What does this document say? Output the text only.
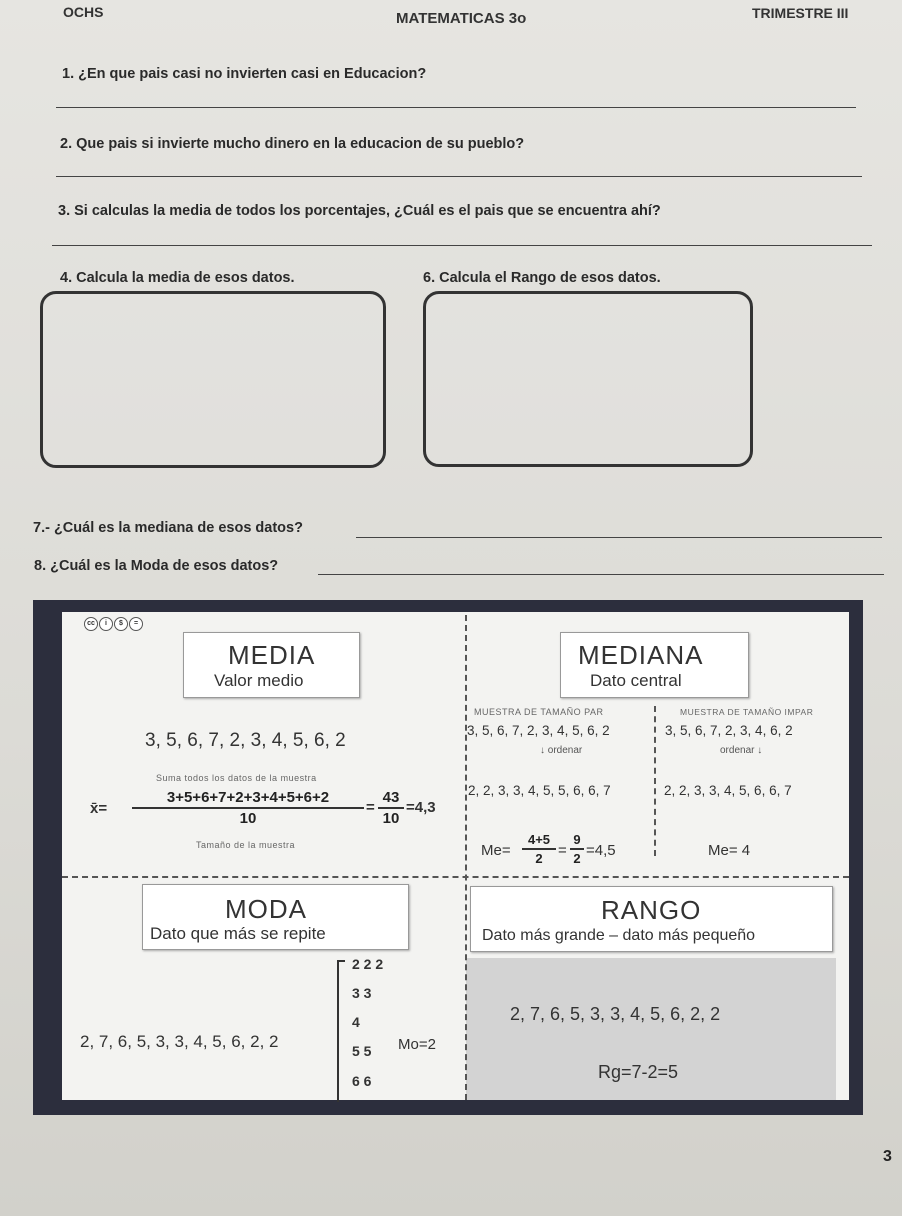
OCHS	MATEMATICAS 3o	TRIMESTRE III
1. ¿En que pais casi no invierten casi en Educacion?
2. Que pais si invierte mucho dinero en la educacion de su pueblo?
3. Si calculas la media de todos los porcentajes, ¿Cuál es el pais que se encuentra ahí?
4. Calcula la media de esos datos.	6. Calcula el Rango de esos datos.
7.- ¿Cuál es la mediana de esos datos?
8. ¿Cuál es la Moda de esos datos?
cc	i	$	=
MEDIA
Valor medio
3, 5, 6, 7, 2, 3, 4, 5, 6, 2
Suma todos los datos de la muestra
x̄=
3+5+6+7+2+3+4+5+6+2
10
=
43
10
=4,3
Tamaño de la muestra
MEDIANA
Dato central
MUESTRA DE TAMAÑO PAR	MUESTRA DE TAMAÑO IMPAR
3, 5, 6, 7, 2, 3, 4, 5, 6, 2	3, 5, 6, 7, 2, 3, 4, 6, 2
↓ ordenar	ordenar ↓
2, 2, 3, 3, 4, 5, 5, 6, 6, 7	2, 2, 3, 3, 4, 5, 6, 6, 7
Me=
4+5
2	=
9
2 =4,5	Me= 4
MODA
Dato que más se repite
2, 7, 6, 5, 3, 3, 4, 5, 6, 2, 2
2 2 2
3 3
4
5 5
6 6
Mo=2
RANGO
Dato más grande – dato más pequeño
2, 7, 6, 5, 3, 3, 4, 5, 6, 2, 2
Rg=7-2=5
3
